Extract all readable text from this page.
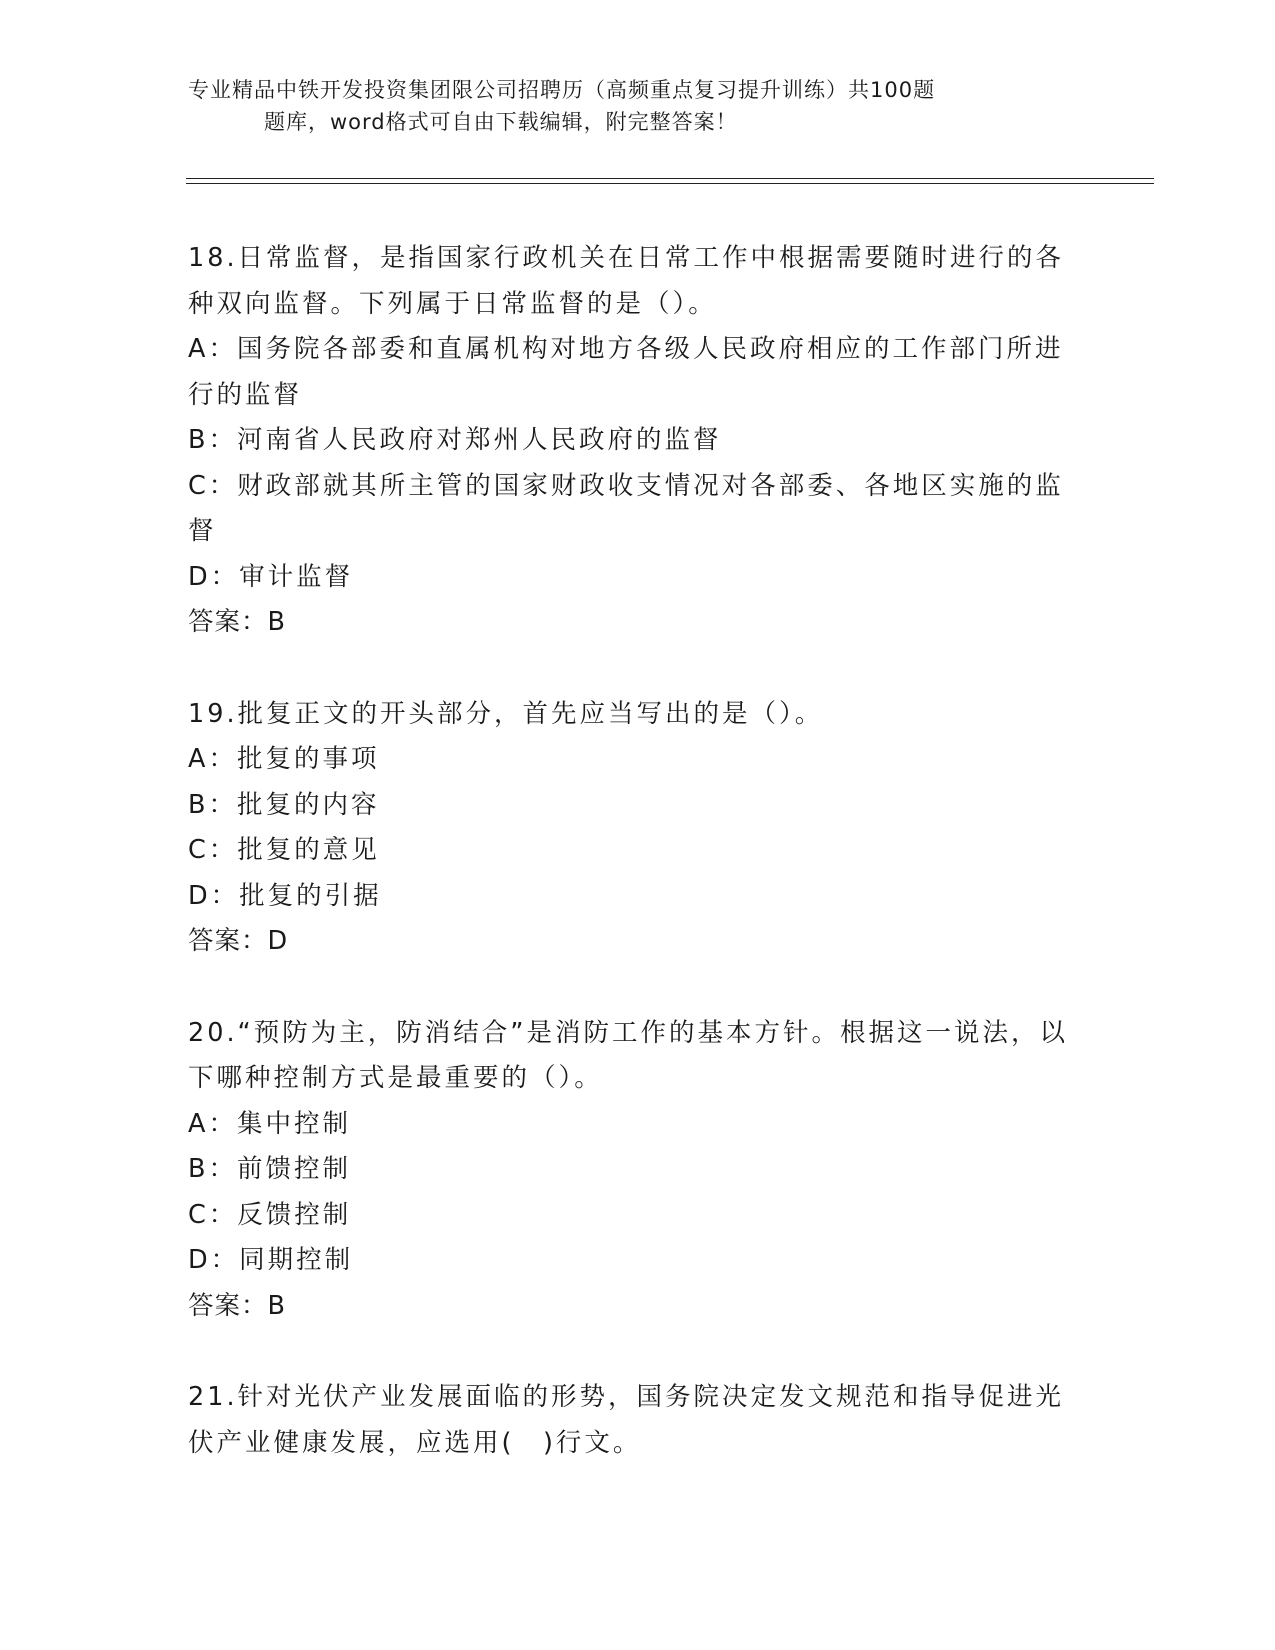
专业精品中铁开发投资集团限公司招聘历（高频重点复习提升训练）共100题
题库，word格式可自由下载编辑，附完整答案！
18.日常监督，是指国家行政机关在日常工作中根据需要随时进行的各种双向监督。下列属于日常监督的是（）。
A：国务院各部委和直属机构对地方各级人民政府相应的工作部门所进行的监督
B：河南省人民政府对郑州人民政府的监督
C：财政部就其所主管的国家财政收支情况对各部委、各地区实施的监督
D：审计监督
答案：B
19.批复正文的开头部分，首先应当写出的是（）。
A：批复的事项
B：批复的内容
C：批复的意见
D：批复的引据
答案：D
20.“预防为主，防消结合”是消防工作的基本方针。根据这一说法，以下哪种控制方式是最重要的（）。
A：集中控制
B：前馈控制
C：反馈控制
D：同期控制
答案：B
21.针对光伏产业发展面临的形势，国务院决定发文规范和指导促进光伏产业健康发展，应选用(　)行文。
